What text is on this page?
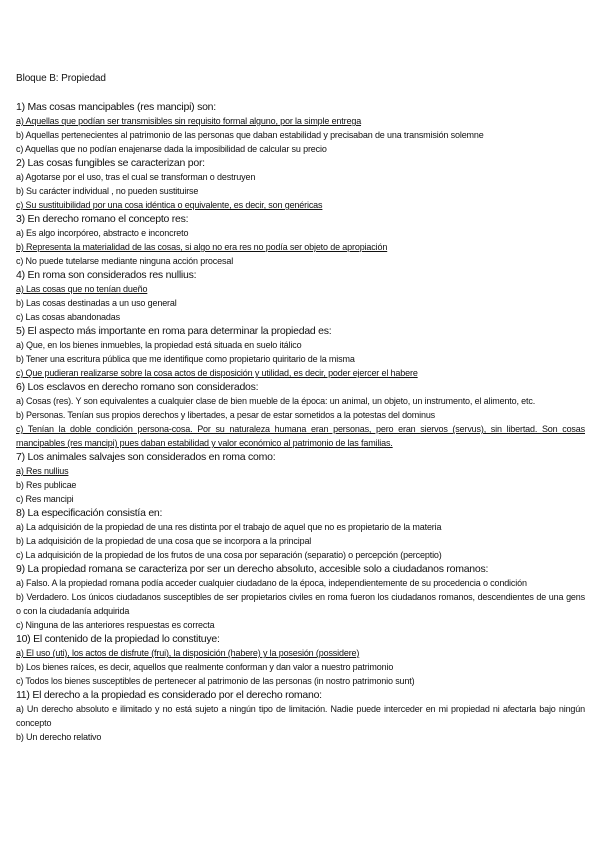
Bloque B: Propiedad

1) Mas cosas mancipables (res mancipi) son:

a) Aquellas que podían ser transmisibles sin requisito formal alguno, por la simple entrega

b) Aquellas pertenecientes al patrimonio de las personas que daban estabilidad y precisaban de una transmisión solemne

c) Aquellas que no podían enajenarse dada la imposibilidad de calcular su precio

2) Las cosas fungibles se caracterizan por:

a) Agotarse por el uso, tras el cual se transforman o destruyen

b) Su carácter individual , no pueden sustituirse

c) Su sustituibilidad por una cosa idéntica o equivalente, es decir, son genéricas

3) En derecho romano el concepto res:

a) Es algo incorpóreo, abstracto e inconcreto

b) Representa la materialidad de las cosas, si algo no era res no podía ser objeto de apropiación

c) No puede tutelarse mediante ninguna acción procesal

4) En roma son considerados res nullius:

a) Las cosas que no tenían dueño

b) Las cosas destinadas a un uso general

c) Las cosas abandonadas

5) El aspecto más importante en roma para determinar la propiedad es:

a) Que, en los bienes inmuebles, la propiedad está situada en suelo itálico

b) Tener una escritura pública que me identifique como propietario quiritario de la misma

c) Que pudieran realizarse sobre la cosa actos de disposición y utilidad, es decir, poder ejercer el habere

6) Los esclavos en derecho romano son considerados:

a) Cosas (res). Y son equivalentes a cualquier clase de bien mueble de la época: un animal, un objeto, un instrumento, el alimento, etc.

b) Personas. Tenían sus propios derechos y libertades, a pesar de estar sometidos a la potestas del dominus

c) Tenían la doble condición persona-cosa. Por su naturaleza humana eran personas, pero eran siervos (servus), sin libertad. Son cosas mancipables (res mancipi) pues daban estabilidad y valor económico al patrimonio de las familias.

7) Los animales salvajes son considerados en roma como:

a) Res nullius

b) Res publicae

c) Res mancipi

8) La especificación consistía en:

a) La adquisición de la propiedad de una res distinta por el trabajo de aquel que no es propietario de la materia

b) La adquisición de la propiedad de una cosa que se incorpora a la principal

c) La adquisición de la propiedad de los frutos de una cosa por separación (separatio) o percepción (perceptio)

9) La propiedad romana se caracteriza por ser un derecho absoluto, accesible solo a ciudadanos romanos:

a) Falso. A la propiedad romana podía acceder cualquier ciudadano de la época, independientemente de su procedencia o condición

b) Verdadero. Los únicos ciudadanos susceptibles de ser propietarios civiles en roma fueron los ciudadanos romanos, descendientes de una gens o con la ciudadanía adquirida

c) Ninguna de las anteriores respuestas es correcta

10) El contenido de la propiedad lo constituye:

a) El uso (uti), los actos de disfrute (frui), la disposición (habere) y la posesión (possidere)

b) Los bienes raíces, es decir, aquellos que realmente conforman y dan valor a nuestro patrimonio

c) Todos los bienes susceptibles de pertenecer al patrimonio de las personas (in nostro patrimonio sunt)

11) El derecho a la propiedad es considerado por el derecho romano:

a) Un derecho absoluto e ilimitado y no está sujeto a ningún tipo de limitación. Nadie puede interceder en mi propiedad ni afectarla bajo ningún concepto

b) Un derecho relativo
